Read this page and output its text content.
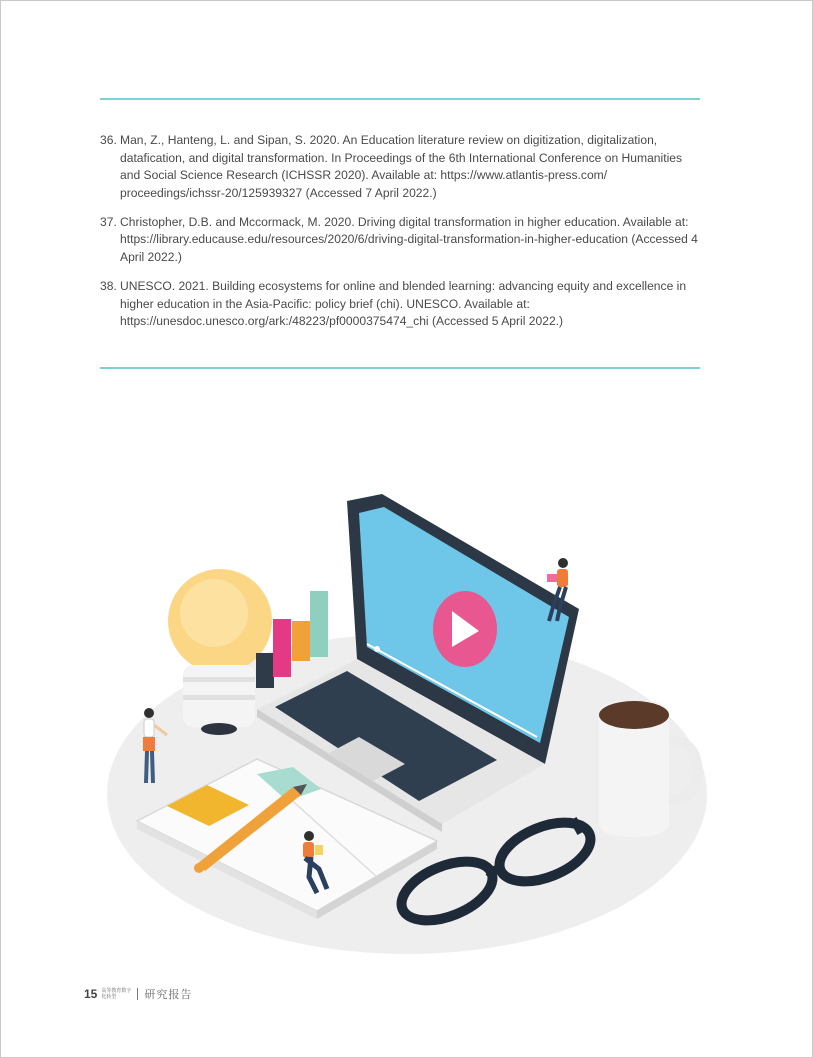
36. Man, Z., Hanteng, L. and Sipan, S. 2020. An Education literature review on digitization, digitalization, datafication, and digital transformation. In Proceedings of the 6th International Conference on Humanities and Social Science Research (ICHSSR 2020). Available at: https://www.atlantis-press.com/ proceedings/ichssr-20/125939327 (Accessed 7 April 2022.)
37. Christopher, D.B. and Mccormack, M. 2020. Driving digital transformation in higher education. Available at: https://library.educause.edu/resources/2020/6/driving-digital-transformation-in-higher-education (Accessed 4 April 2022.)
38. UNESCO. 2021. Building ecosystems for online and blended learning: advancing equity and excellence in higher education in the Asia-Pacific: policy brief (chi). UNESCO. Available at: https://unesdoc.unesco.org/ark:/48223/pf0000375474_chi (Accessed 5 April 2022.)
15 高等教育数字
化转型	研究报告
